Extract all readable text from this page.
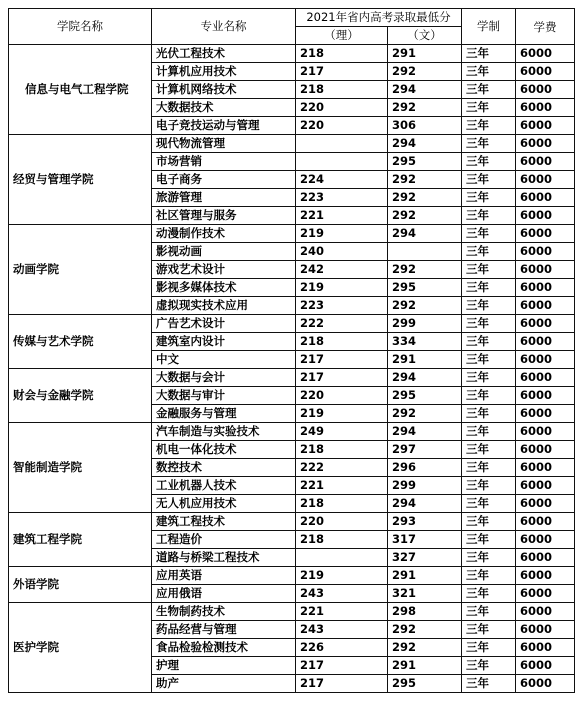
学院名称	专业名称	2021年省内高考录取最低分		学制	学费
		（理）	（文）		
信息与电气工程学院	光伏工程技术	218	291	三年	6000
	计算机应用技术	217	292	三年	6000
	计算机网络技术	218	294	三年	6000
	大数据技术	220	292	三年	6000
	电子竞技运动与管理	220	306	三年	6000
经贸与管理学院	现代物流管理		294	三年	6000
	市场营销		295	三年	6000
	电子商务	224	292	三年	6000
	旅游管理	223	292	三年	6000
	社区管理与服务	221	292	三年	6000
动画学院	动漫制作技术	219	294	三年	6000
	影视动画	240		三年	6000
	游戏艺术设计	242	292	三年	6000
	影视多媒体技术	219	295	三年	6000
	虚拟现实技术应用	223	292	三年	6000
传媒与艺术学院	广告艺术设计	222	299	三年	6000
	建筑室内设计	218	334	三年	6000
	中文	217	291	三年	6000
财会与金融学院	大数据与会计	217	294	三年	6000
	大数据与审计	220	295	三年	6000
	金融服务与管理	219	292	三年	6000
智能制造学院	汽车制造与实验技术	249	294	三年	6000
	机电一体化技术	218	297	三年	6000
	数控技术	222	296	三年	6000
	工业机器人技术	221	299	三年	6000
	无人机应用技术	218	294	三年	6000
建筑工程学院	建筑工程技术	220	293	三年	6000
	工程造价	218	317	三年	6000
	道路与桥梁工程技术		327	三年	6000
外语学院	应用英语	219	291	三年	6000
	应用俄语	243	321	三年	6000
医护学院	生物制药技术	221	298	三年	6000
	药品经营与管理	243	292	三年	6000
	食品检验检测技术	226	292	三年	6000
	护理	217	291	三年	6000
	助产	217	295	三年	6000
